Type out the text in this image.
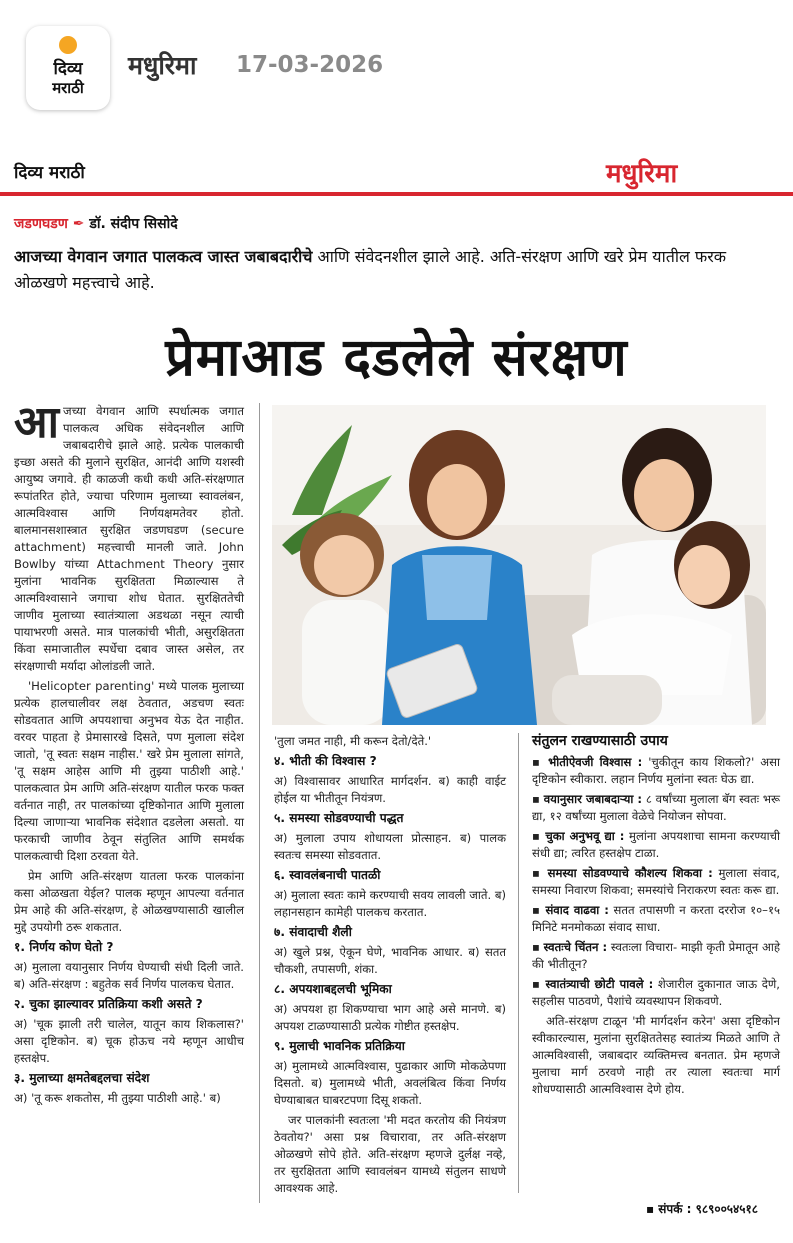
दिव्य
मराठी
मधुरिमा 17-03-2026
दिव्य मराठी	मधुरिमा
जडणघडण ✒ डॉ. संदीप सिसोदे
आजच्या वेगवान जगात पालकत्व जास्त जबाबदारीचे आणि संवेदनशील झाले आहे. अति-संरक्षण आणि खरे प्रेम यातील फरक ओळखणे महत्त्वाचे आहे.
प्रेमाआड दडलेले संरक्षण

आजच्या वेगवान आणि स्पर्धात्मक जगात पालकत्व अधिक संवेदनशील आणि जबाबदारीचे झाले आहे. प्रत्येक पालकाची इच्छा असते की मुलाने सुरक्षित, आनंदी आणि यशस्वी आयुष्य जगावे. ही काळजी कधी कधी अति-संरक्षणात रूपांतरित होते, ज्याचा परिणाम मुलाच्या स्वावलंबन, आत्मविश्वास आणि निर्णयक्षमतेवर होतो. बालमानसशास्त्रात सुरक्षित जडणघडण (secure attachment) महत्त्वाची मानली जाते. John Bowlby यांच्या Attachment Theory नुसार मुलांना भावनिक सुरक्षितता मिळाल्यास ते आत्मविश्वासाने जगाचा शोध घेतात. सुरक्षिततेची जाणीव मुलाच्या स्वातंत्र्याला अडथळा नसून त्याची पायाभरणी असते. मात्र पालकांची भीती, असुरक्षितता किंवा समाजातील स्पर्धेचा दबाव जास्त असेल, तर संरक्षणाची मर्यादा ओलांडली जाते.

'Helicopter parenting' मध्ये पालक मुलाच्या प्रत्येक हालचालीवर लक्ष ठेवतात, अडचण स्वतः सोडवतात आणि अपयशाचा अनुभव येऊ देत नाहीत. वरवर पाहता हे प्रेमासारखे दिसते, पण मुलाला संदेश जातो, 'तू स्वतः सक्षम नाहीस.' खरे प्रेम मुलाला सांगते, 'तू सक्षम आहेस आणि मी तुझ्या पाठीशी आहे.' पालकत्वात प्रेम आणि अति-संरक्षण यातील फरक फक्त वर्तनात नाही, तर पालकांच्या दृष्टिकोनात आणि मुलाला दिल्या जाणाऱ्या भावनिक संदेशात दडलेला असतो. या फरकाची जाणीव ठेवून संतुलित आणि समर्थक पालकत्वाची दिशा ठरवता येते.

प्रेम आणि अति-संरक्षण यातला फरक पालकांना कसा ओळखता येईल? पालक म्हणून आपल्या वर्तनात प्रेम आहे की अति-संरक्षण, हे ओळखण्यासाठी खालील मुद्दे उपयोगी ठरू शकतात.

१. निर्णय कोण घेतो ?

अ) मुलाला वयानुसार निर्णय घेण्याची संधी दिली जाते. ब) अति-संरक्षण : बहुतेक सर्व निर्णय पालकच घेतात.

२. चुका झाल्यावर प्रतिक्रिया कशी असते ?

अ) 'चूक झाली तरी चालेल, यातून काय शिकलास?' असा दृष्टिकोन. ब) चूक होऊच नये म्हणून आधीच हस्तक्षेप.

३. मुलाच्या क्षमतेबद्दलचा संदेश

अ) 'तू करू शकतोस, मी तुझ्या पाठीशी आहे.' ब)

'तुला जमत नाही, मी करून देतो/देते.'

४. भीती की विश्वास ?

अ) विश्वासावर आधारित मार्गदर्शन. ब) काही वाईट होईल या भीतीतून नियंत्रण.

५. समस्या सोडवण्याची पद्धत

अ) मुलाला उपाय शोधायला प्रोत्साहन. ब) पालक स्वतःच समस्या सोडवतात.

६. स्वावलंबनाची पातळी

अ) मुलाला स्वतः कामे करण्याची सवय लावली जाते. ब) लहानसहान कामेही पालकच करतात.

७. संवादाची शैली

अ) खुले प्रश्न, ऐकून घेणे, भावनिक आधार. ब) सतत चौकशी, तपासणी, शंका.

८. अपयशाबद्दलची भूमिका

अ) अपयश हा शिकण्याचा भाग आहे असे मानणे. ब) अपयश टाळण्यासाठी प्रत्येक गोष्टीत हस्तक्षेप.

९. मुलाची भावनिक प्रतिक्रिया

अ) मुलामध्ये आत्मविश्वास, पुढाकार आणि मोकळेपणा दिसतो. ब) मुलामध्ये भीती, अवलंबित्व किंवा निर्णय घेण्याबाबत घाबरटपणा दिसू शकतो.

जर पालकांनी स्वतःला 'मी मदत करतोय की नियंत्रण ठेवतोय?' असा प्रश्न विचारावा, तर अति-संरक्षण ओळखणे सोपे होते. अति-संरक्षण म्हणजे दुर्लक्ष नव्हे, तर सुरक्षितता आणि स्वावलंबन यामध्ये संतुलन साधणे आवश्यक आहे.

संतुलन राखण्यासाठी उपाय

▪ भीतीऐवजी विश्वास : 'चुकीतून काय शिकलो?' असा दृष्टिकोन स्वीकारा. लहान निर्णय मुलांना स्वतः घेऊ द्या.

▪ वयानुसार जबाबदाऱ्या : ८ वर्षांच्या मुलाला बॅग स्वतः भरू द्या, १२ वर्षांच्या मुलाला वेळेचे नियोजन सोपवा.

▪ चुका अनुभवू द्या : मुलांना अपयशाचा सामना करण्याची संधी द्या; त्वरित हस्तक्षेप टाळा.

▪ समस्या सोडवण्याचे कौशल्य शिकवा : मुलाला संवाद, समस्या निवारण शिकवा; समस्यांचे निराकरण स्वतः करू द्या.

▪ संवाद वाढवा : सतत तपासणी न करता दररोज १०–१५ मिनिटे मनमोकळा संवाद साधा.

▪ स्वतःचे चिंतन : स्वतःला विचारा- माझी कृती प्रेमातून आहे की भीतीतून?

▪ स्वातंत्र्याची छोटी पावले : शेजारील दुकानात जाऊ देणे, सहलीस पाठवणे, पैशांचे व्यवस्थापन शिकवणे.

अति-संरक्षण टाळून 'मी मार्गदर्शन करेन' असा दृष्टिकोन स्वीकारल्यास, मुलांना सुरक्षिततेसह स्वातंत्र्य मिळते आणि ते आत्मविश्वासी, जबाबदार व्यक्तिमत्त्व बनतात. प्रेम म्हणजे मुलाचा मार्ग ठरवणे नाही तर त्याला स्वतःचा मार्ग शोधण्यासाठी आत्मविश्वास देणे होय.

▪ संपर्क : ९८९००५४५१८
